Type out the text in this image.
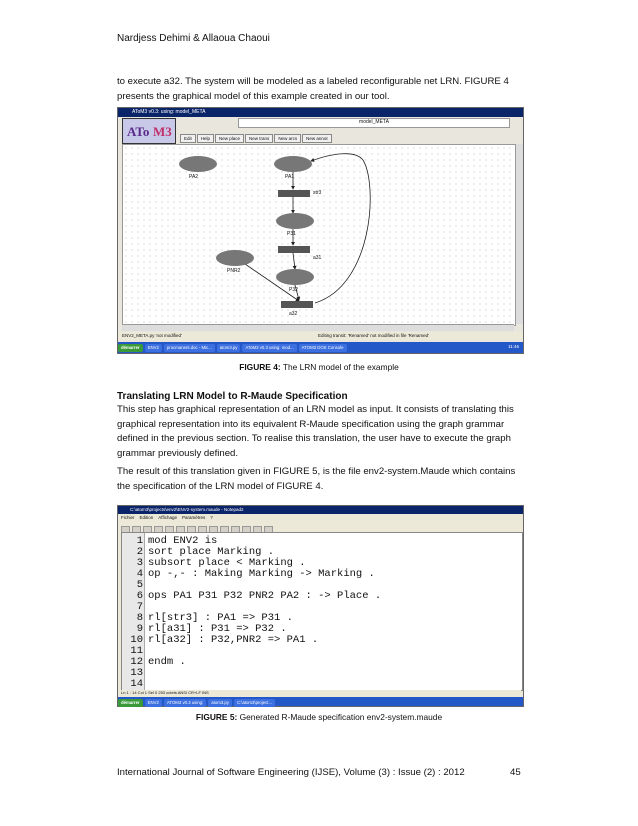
Nardjess Dehimi & Allaoua Chaoui
to execute a32. The system will be modeled as a labeled reconfigurable net LRN. FIGURE 4
presents the graphical model of this example created in our tool.
AToM3 v0.3: using: model_META
ATo M3
model_META
Edit Help New place New trans New arcs New annot
PA2	PA1
P31
P32
PNR2
str3
a31
a32
ENV2_META.py 'not modified'	Editing transit: 'Renamed' not modified in file 'Renamed'
démarrer ENV2 procmanent.doc - Mic... atom3.py AToM3 v0.3 using: mod... ATOM3 DOS Console	11:46
FIGURE 4: The LRN model of the example
Translating LRN Model to R-Maude Specification
This step has graphical representation of an LRN model as input. It consists of translating this
graphical representation into its equivalent R-Maude specification using the graph grammar
defined in the previous section. To realise this translation, the user have to execute the graph
grammar previously defined.
The result of this translation given in FIGURE 5, is the file env2-system.Maude which contains
the specification of the LRN model of FIGURE 4.
C:\atom3\projects\env2\ENV2-system.maude - Notepad2
Fichier Edition Affichage Paramètres ?
1 mod ENV2 is
2 sort place Marking .
3 subsort place < Marking .
4 op -,- : Making Marking -> Marking .
5
6 ops PA1 P31 P32 PNR2 PA2 : -> Place .
7
8 rl[str3] : PA1 => P31 .
9 rl[a31] : P31 => P32 .
10 rl[a32] : P32,PNR2 => PA1 .
11
12 endm .
13
14
Ln 1 : 14 Col 1 Sel 0 253 octets ANSI CR+LF INS
démarrer ENV2 ATOM3 v0.3 using: atom3.py C:\atom3\project...
FIGURE 5: Generated R-Maude specification env2-system.maude
International Journal of Software Engineering (IJSE), Volume (3) : Issue (2) : 2012	45
